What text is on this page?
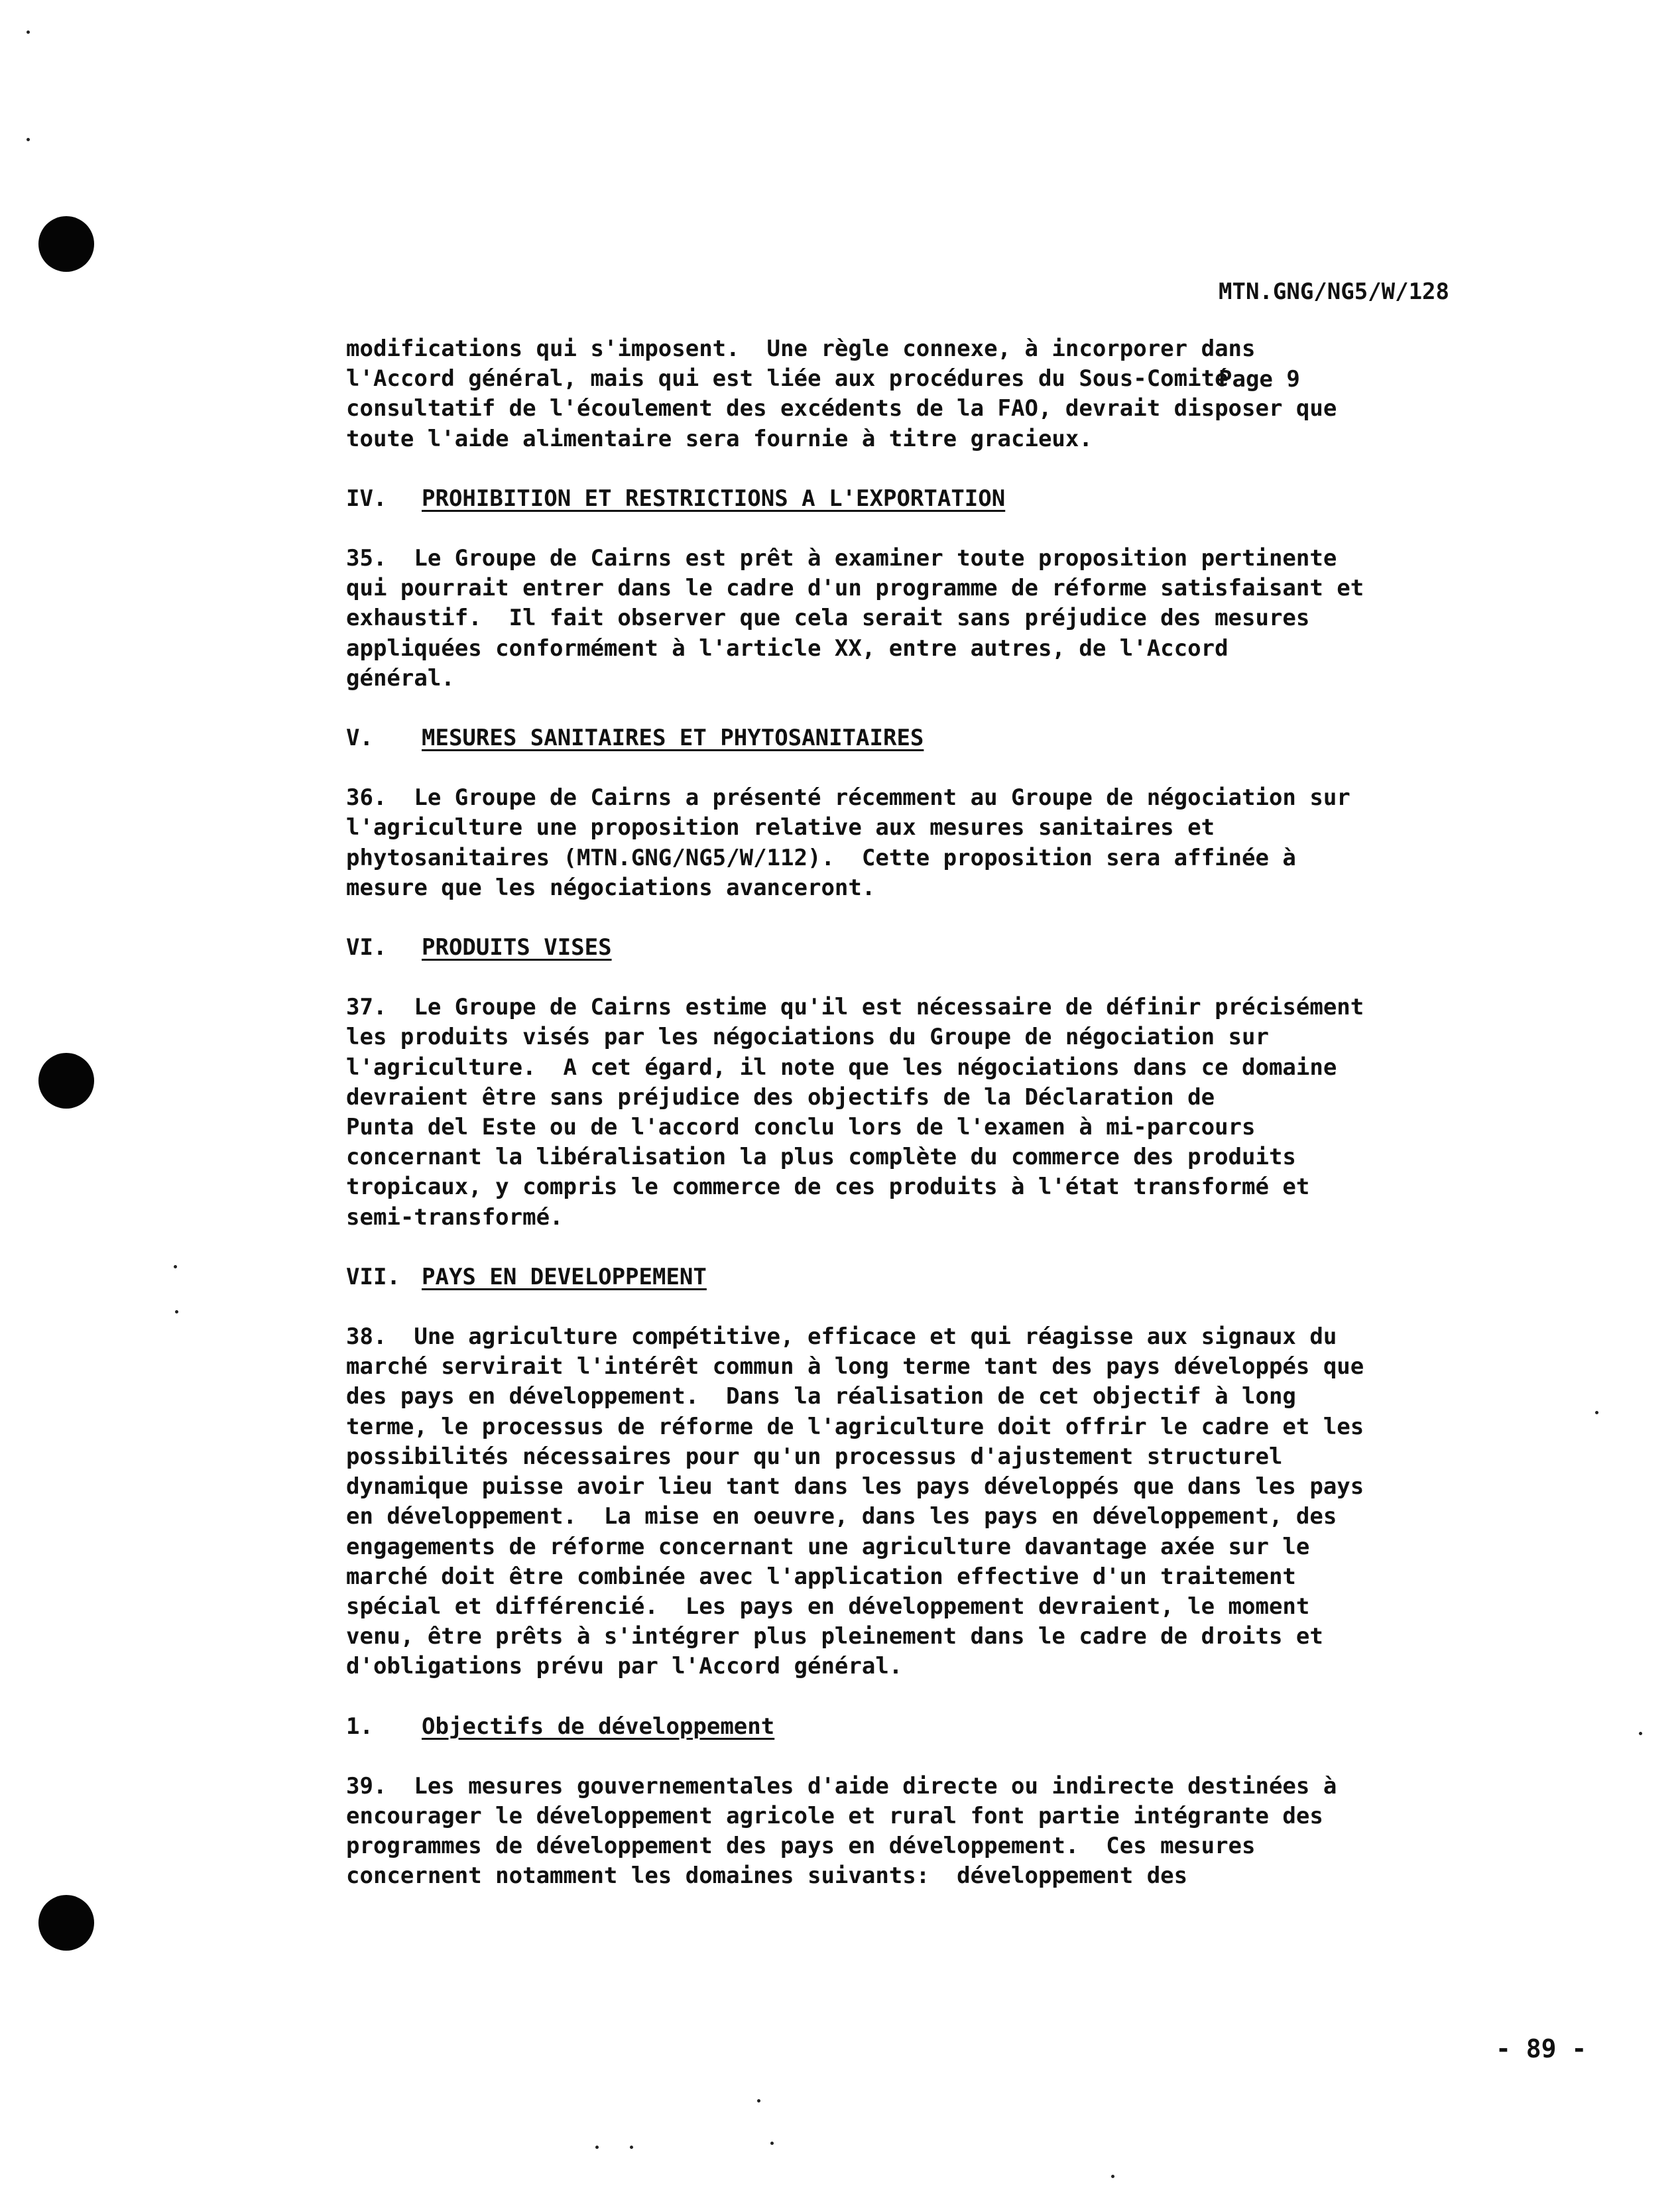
MTN.GNG/NG5/W/128

Page 9

modifications qui s'imposent.  Une règle connexe, à incorporer dans
l'Accord général, mais qui est liée aux procédures du Sous-Comité
consultatif de l'écoulement des excédents de la FAO, devrait disposer que
toute l'aide alimentaire sera fournie à titre gracieux.
IV. PROHIBITION ET RESTRICTIONS A L'EXPORTATION
35.  Le Groupe de Cairns est prêt à examiner toute proposition pertinente
qui pourrait entrer dans le cadre d'un programme de réforme satisfaisant et
exhaustif.  Il fait observer que cela serait sans préjudice des mesures
appliquées conformément à l'article XX, entre autres, de l'Accord
général.
V. MESURES SANITAIRES ET PHYTOSANITAIRES
36.  Le Groupe de Cairns a présenté récemment au Groupe de négociation sur
l'agriculture une proposition relative aux mesures sanitaires et
phytosanitaires (MTN.GNG/NG5/W/112).  Cette proposition sera affinée à
mesure que les négociations avanceront.
VI. PRODUITS VISES
37.  Le Groupe de Cairns estime qu'il est nécessaire de définir précisément
les produits visés par les négociations du Groupe de négociation sur
l'agriculture.  A cet égard, il note que les négociations dans ce domaine
devraient être sans préjudice des objectifs de la Déclaration de
Punta del Este ou de l'accord conclu lors de l'examen à mi-parcours
concernant la libéralisation la plus complète du commerce des produits
tropicaux, y compris le commerce de ces produits à l'état transformé et
semi-transformé.
VII. PAYS EN DEVELOPPEMENT
38.  Une agriculture compétitive, efficace et qui réagisse aux signaux du
marché servirait l'intérêt commun à long terme tant des pays développés que
des pays en développement.  Dans la réalisation de cet objectif à long
terme, le processus de réforme de l'agriculture doit offrir le cadre et les
possibilités nécessaires pour qu'un processus d'ajustement structurel
dynamique puisse avoir lieu tant dans les pays développés que dans les pays
en développement.  La mise en oeuvre, dans les pays en développement, des
engagements de réforme concernant une agriculture davantage axée sur le
marché doit être combinée avec l'application effective d'un traitement
spécial et différencié.  Les pays en développement devraient, le moment
venu, être prêts à s'intégrer plus pleinement dans le cadre de droits et
d'obligations prévu par l'Accord général.
1. Objectifs de développement
39.  Les mesures gouvernementales d'aide directe ou indirecte destinées à
encourager le développement agricole et rural font partie intégrante des
programmes de développement des pays en développement.  Ces mesures
concernent notamment les domaines suivants:  développement des
- 89 -
